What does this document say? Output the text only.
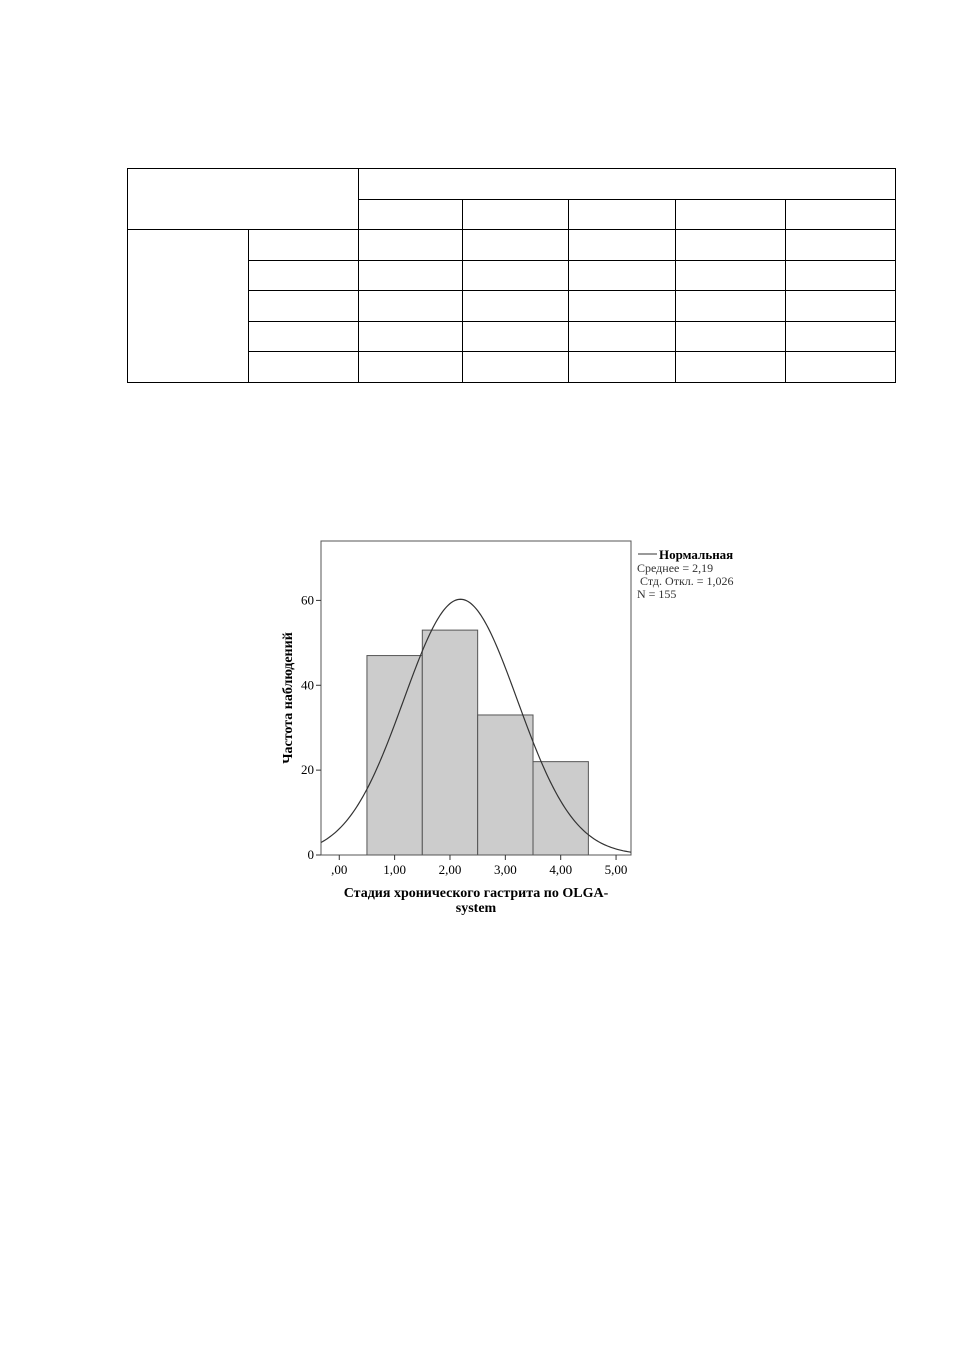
0
20
40
60
,00	1,00	2,00	3,00	4,00	5,00
Частота наблюдений
Стадия хронического гастрита по OLGA-
system
Нормальная
Среднее = 2,19
Стд. Откл. = 1,026
N = 155
